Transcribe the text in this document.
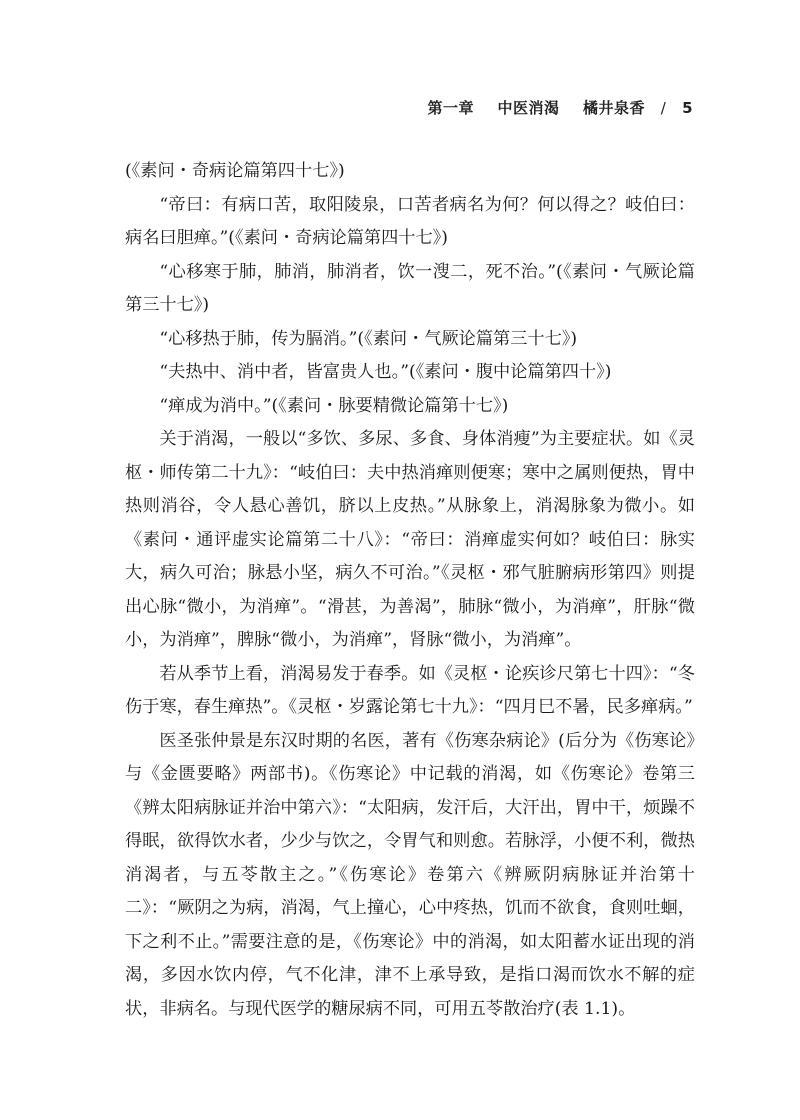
第一章 中医消渴 橘井泉香 / 5

(《素问・奇病论篇第四十七》)

“帝曰：有病口苦，取阳陵泉，口苦者病名为何？何以得之？岐伯曰：病名曰胆瘅。”(《素问・奇病论篇第四十七》)

“心移寒于肺，肺消，肺消者，饮一溲二，死不治。”(《素问・气厥论篇第三十七》)

“心移热于肺，传为膈消。”(《素问・气厥论篇第三十七》)

“夫热中、消中者，皆富贵人也。”(《素问・腹中论篇第四十》)

“瘅成为消中。”(《素问・脉要精微论篇第十七》)

关于消渴，一般以“多饮、多尿、多食、身体消瘦”为主要症状。如《灵枢・师传第二十九》：“岐伯曰：夫中热消瘅则便寒；寒中之属则便热，胃中热则消谷，令人悬心善饥，脐以上皮热。”从脉象上，消渴脉象为微小。如《素问・通评虚实论篇第二十八》：“帝曰：消瘅虚实何如？岐伯曰：脉实大，病久可治；脉悬小坚，病久不可治。”《灵枢・邪气脏腑病形第四》则提出心脉“微小，为消瘅”。“滑甚，为善渴”，肺脉“微小，为消瘅”，肝脉“微小，为消瘅”，脾脉“微小，为消瘅”，肾脉“微小，为消瘅”。

若从季节上看，消渴易发于春季。如《灵枢・论疾诊尺第七十四》：“冬伤于寒，春生瘅热”。《灵枢・岁露论第七十九》：“四月巳不暑，民多瘅病。”

医圣张仲景是东汉时期的名医，著有《伤寒杂病论》(后分为《伤寒论》与《金匮要略》两部书)。《伤寒论》中记载的消渴，如《伤寒论》卷第三《辨太阳病脉证并治中第六》：“太阳病，发汗后，大汗出，胃中干，烦躁不得眠，欲得饮水者，少少与饮之，令胃气和则愈。若脉浮，小便不利，微热消渴者，与五苓散主之。”《伤寒论》卷第六《辨厥阴病脉证并治第十二》：“厥阴之为病，消渴，气上撞心，心中疼热，饥而不欲食，食则吐蛔，下之利不止。”需要注意的是，《伤寒论》中的消渴，如太阳蓄水证出现的消渴，多因水饮内停，气不化津，津不上承导致，是指口渴而饮水不解的症状，非病名。与现代医学的糖尿病不同，可用五苓散治疗(表 1.1)。
